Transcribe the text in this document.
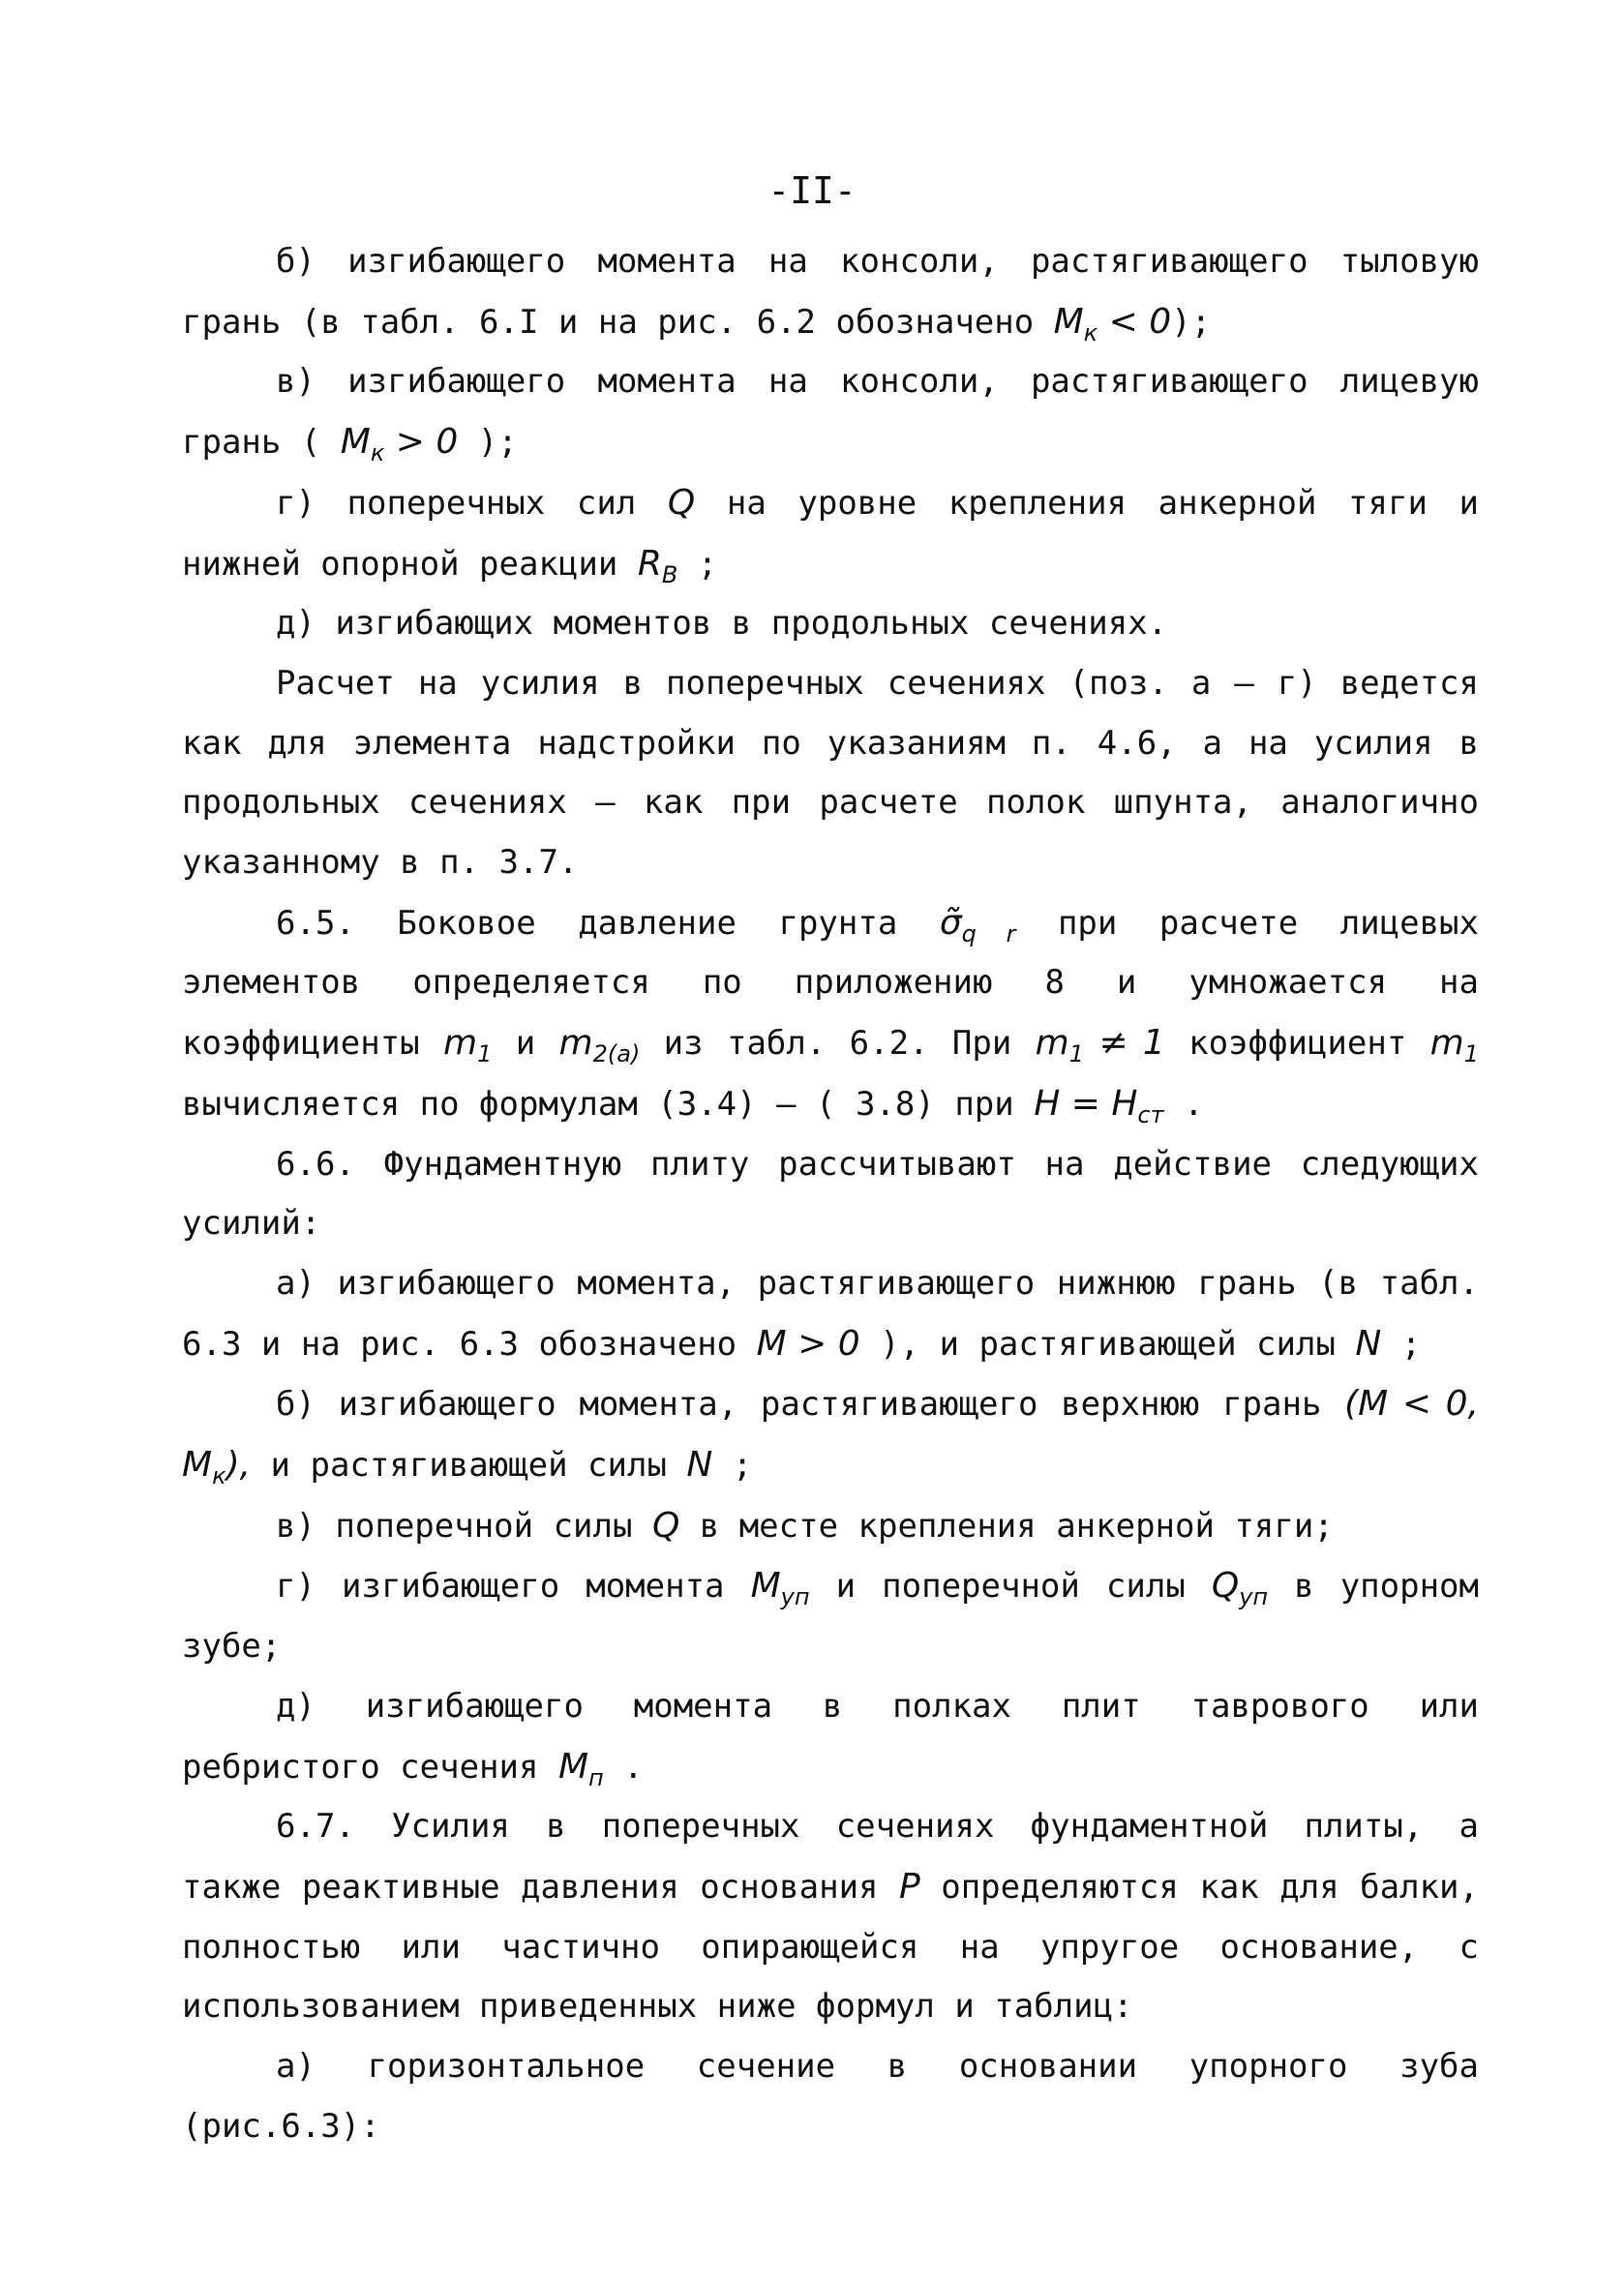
-II-

б) изгибающего момента на консоли, растягивающего тыловую грань (в табл. 6.I и на рис. 6.2 обозначено $M_к < 0$);

в) изгибающего момента на консоли, растягивающего лицевую грань ( $M_к > 0$ );

г) поперечных сил Q на уровне крепления анкерной тяги и нижней опорной реакции $R_В$ ;

д) изгибающих моментов в продольных сечениях.

Расчет на усилия в поперечных сечениях (поз. а – г) ведется как для элемента надстройки по указаниям п. 4.6, а на усилия в продольных сечениях – как при расчете полок шпунта, аналогично указанному в п. 3.7.

6.5. Боковое давление грунта $\sigmã_{q r}$ при расчете лицевых элементов определяется по приложению 8 и умножается на коэффициенты $m_1$ и $m_{2(a)}$ из табл. 6.2. При $m_1 \ne 1$ коэффициент $m_1$ вычисляется по формулам (3.4) – ( 3.8) при $H = H_{ст}$ .

6.6. Фундаментную плиту рассчитывают на действие следующих усилий:

а) изгибающего момента, растягивающего нижнюю грань (в табл. 6.3 и на рис. 6.3 обозначено M > 0 ), и растягивающей силы N ;

б) изгибающего момента, растягивающего верхнюю грань (M < 0, $M_к$), и растягивающей силы N ;

в) поперечной силы Q в месте крепления анкерной тяги;

г) изгибающего момента $M_{уп}$ и поперечной силы $Q_{уп}$ в упорном зубе;

д) изгибающего момента в полках плит таврового или ребристого сечения $M_п$ .

6.7. Усилия в поперечных сечениях фундаментной плиты, а также реактивные давления основания P определяются как для балки, полностью или частично опирающейся на упругое основание, с использованием приведенных ниже формул и таблиц:

а) горизонтальное сечение в основании упорного зуба (рис.6.3):
